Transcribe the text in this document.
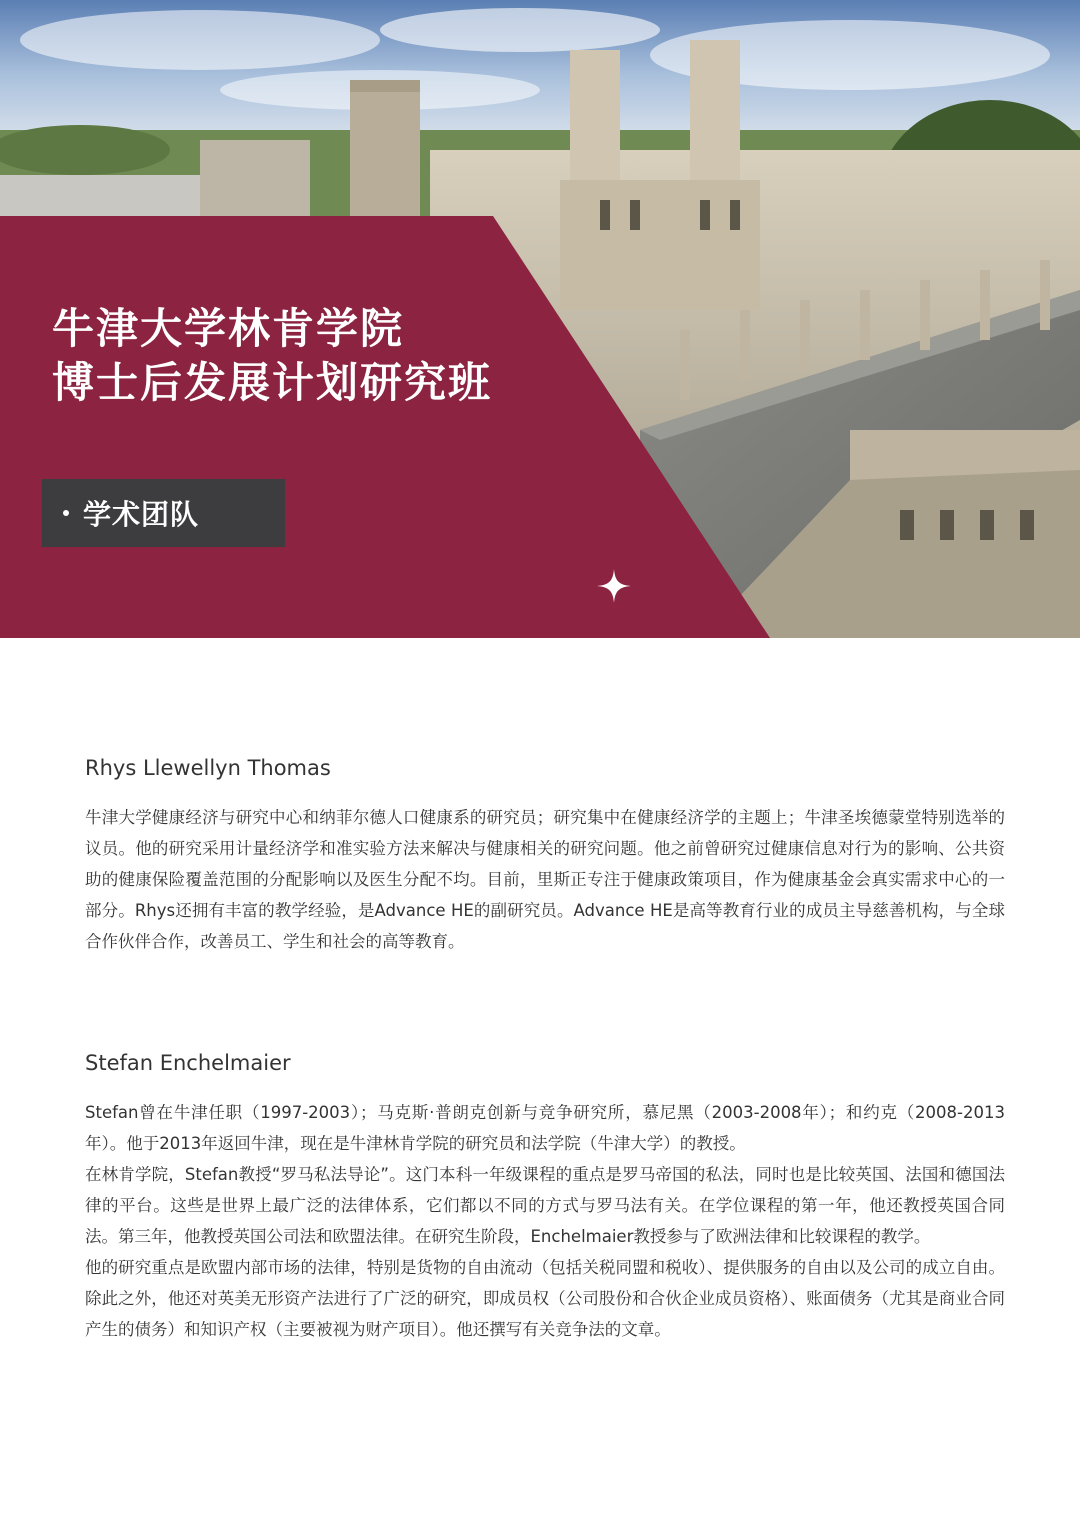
牛津大学林肯学院
博士后发展计划研究班
学术团队
Rhys Llewellyn Thomas

牛津大学健康经济与研究中心和纳菲尔德人口健康系的研究员；研究集中在健康经济学的主题上；牛津圣埃德蒙堂特别选举的议员。他的研究采用计量经济学和准实验方法来解决与健康相关的研究问题。他之前曾研究过健康信息对行为的影响、公共资助的健康保险覆盖范围的分配影响以及医生分配不均。目前，里斯正专注于健康政策项目，作为健康基金会真实需求中心的一部分。Rhys还拥有丰富的教学经验，是Advance HE的副研究员。Advance HE是高等教育行业的成员主导慈善机构，与全球合作伙伴合作，改善员工、学生和社会的高等教育。

Stefan Enchelmaier

Stefan曾在牛津任职（1997-2003）；马克斯·普朗克创新与竞争研究所，慕尼黑（2003-2008年）；和约克（2008-2013年）。他于2013年返回牛津，现在是牛津林肯学院的研究员和法学院（牛津大学）的教授。

在林肯学院，Stefan教授“罗马私法导论”。这门本科一年级课程的重点是罗马帝国的私法，同时也是比较英国、法国和德国法律的平台。这些是世界上最广泛的法律体系，它们都以不同的方式与罗马法有关。在学位课程的第一年，他还教授英国合同法。第三年，他教授英国公司法和欧盟法律。在研究生阶段，Enchelmaier教授参与了欧洲法律和比较课程的教学。

他的研究重点是欧盟内部市场的法律，特别是货物的自由流动（包括关税同盟和税收）、提供服务的自由以及公司的成立自由。除此之外，他还对英美无形资产法进行了广泛的研究，即成员权（公司股份和合伙企业成员资格）、账面债务（尤其是商业合同产生的债务）和知识产权（主要被视为财产项目）。他还撰写有关竞争法的文章。
